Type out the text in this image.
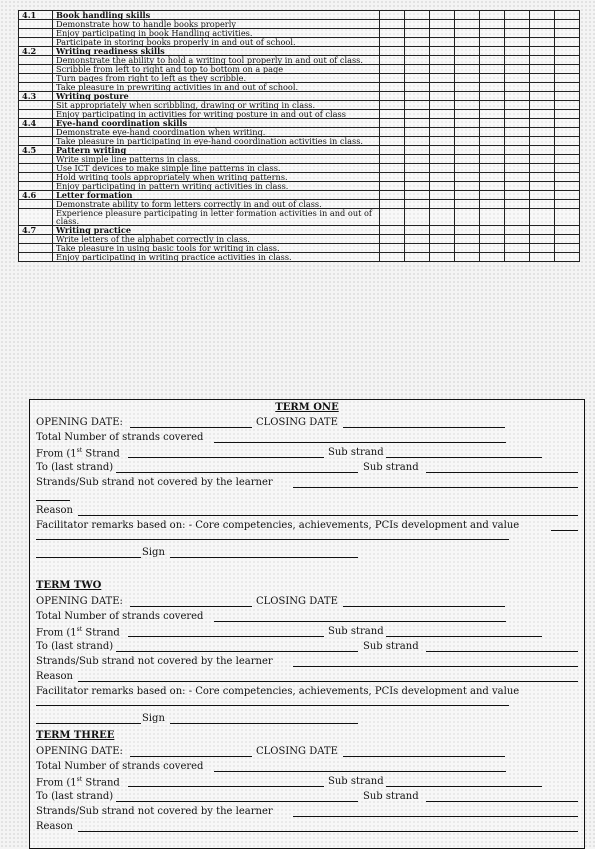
4.1	Book handling skills								
	Demonstrate how to handle books properly								
	Enjoy participating in book Handling activities.								
	Participate in storing books properly in and out of school.								
4.2	Writing readiness skills								
	Demonstrate the ability to hold a writing tool properly in and out of class.								
	Scribble from left to right and top to bottom on a page								
	Turn pages from right to left as they scribble.								
	Take pleasure in prewriting activities in and out of school.								
4.3	Writing posture								
	Sit appropriately when scribbling, drawing or writing in class.								
	Enjoy participating in activities for writing posture in and out of class								
4.4	Eye-hand coordination skills								
	Demonstrate eye-hand coordination when writing.								
	Take pleasure in participating in eye-hand coordination activities in class.								
4.5	Pattern writing								
	Write simple line patterns in class.								
	Use ICT devices to make simple line patterns in class.								
	Hold writing tools appropriately when writing patterns.								
	Enjoy participating in pattern writing activities in class.								
4.6	Letter formation								
	Demonstrate ability to form letters correctly in and out of class.								
	Experience pleasure participating in letter formation activities in and out of class.								
4.7	Writing practice								
	Write letters of the alphabet correctly in class.								
	Take pleasure in using basic tools for writing in class.								
	Enjoy participating in writing practice activities in class.								
TERM ONE
OPENING DATE:	CLOSING DATE
Total Number of strands covered
From (1st Strand	Sub strand
To (last strand)	Sub strand
Strands/Sub strand not covered by the learner
Reason
Facilitator remarks based on: - Core competencies, achievements, PCIs development and value
Sign
TERM TWO
OPENING DATE:	CLOSING DATE
Total Number of strands covered
From (1st Strand	Sub strand
To (last strand)	Sub strand
Strands/Sub strand not covered by the learner
Reason
Facilitator remarks based on: - Core competencies, achievements, PCIs development and value
Sign
TERM THREE
OPENING DATE:	CLOSING DATE
Total Number of strands covered
From (1st Strand	Sub strand
To (last strand)	Sub strand
Strands/Sub strand not covered by the learner
Reason
